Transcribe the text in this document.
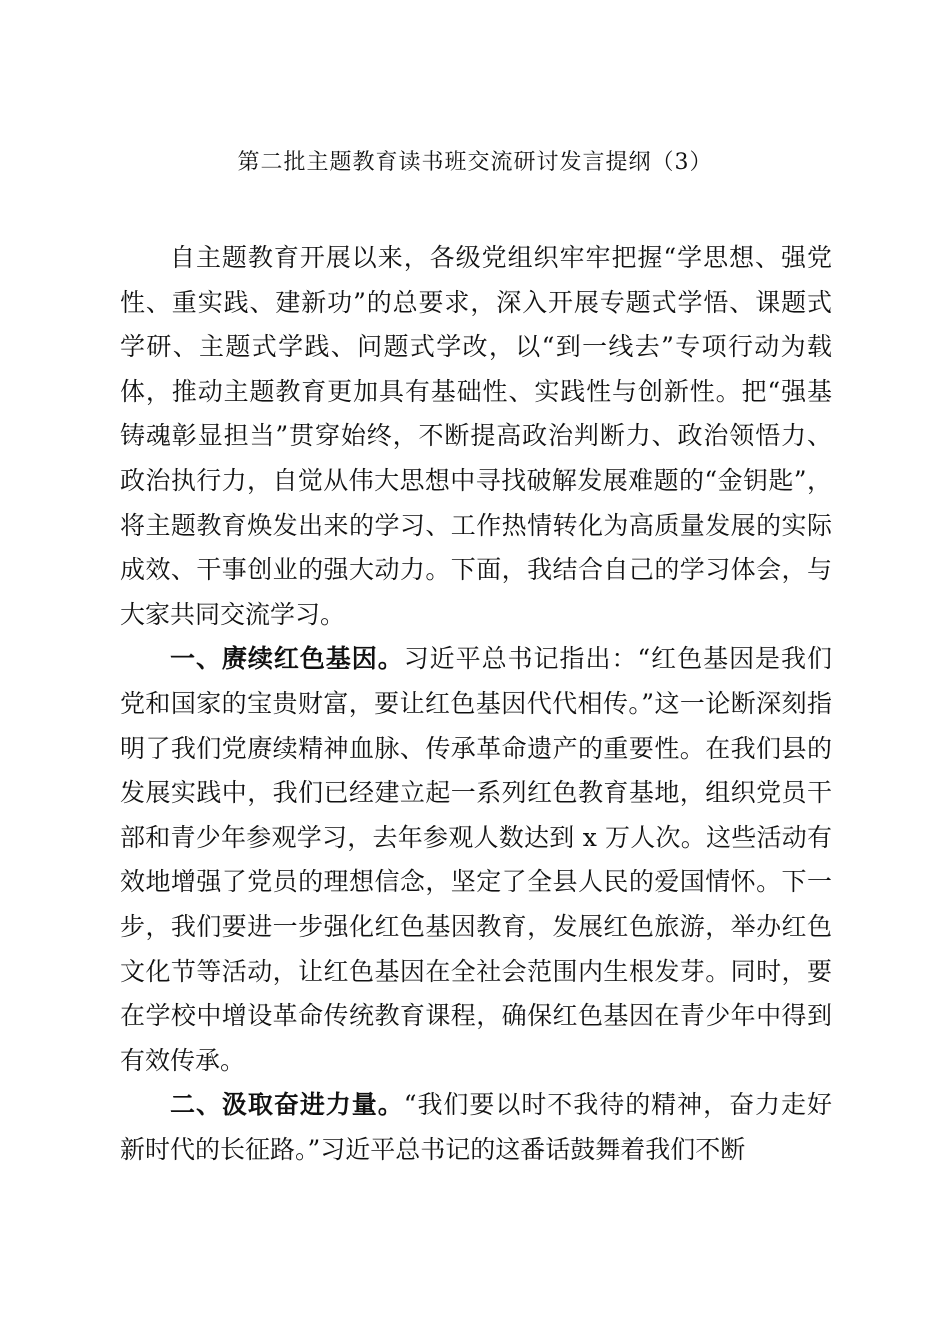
第二批主题教育读书班交流研讨发言提纲（3）

自主题教育开展以来，各级党组织牢牢把握“学思想、强党性、重实践、建新功”的总要求，深入开展专题式学悟、课题式学研、主题式学践、问题式学改，以“到一线去”专项行动为载体，推动主题教育更加具有基础性、实践性与创新性。把“强基铸魂彰显担当”贯穿始终，不断提高政治判断力、政治领悟力、政治执行力，自觉从伟大思想中寻找破解发展难题的“金钥匙”，将主题教育焕发出来的学习、工作热情转化为高质量发展的实际成效、干事创业的强大动力。下面，我结合自己的学习体会，与大家共同交流学习。

一、赓续红色基因。习近平总书记指出：“红色基因是我们党和国家的宝贵财富，要让红色基因代代相传。”这一论断深刻指明了我们党赓续精神血脉、传承革命遗产的重要性。在我们县的发展实践中，我们已经建立起一系列红色教育基地，组织党员干部和青少年参观学习，去年参观人数达到 x 万人次。这些活动有效地增强了党员的理想信念，坚定了全县人民的爱国情怀。下一步，我们要进一步强化红色基因教育，发展红色旅游，举办红色文化节等活动，让红色基因在全社会范围内生根发芽。同时，要在学校中增设革命传统教育课程，确保红色基因在青少年中得到有效传承。

二、汲取奋进力量。“我们要以时不我待的精神，奋力走好新时代的长征路。”习近平总书记的这番话鼓舞着我们不断
